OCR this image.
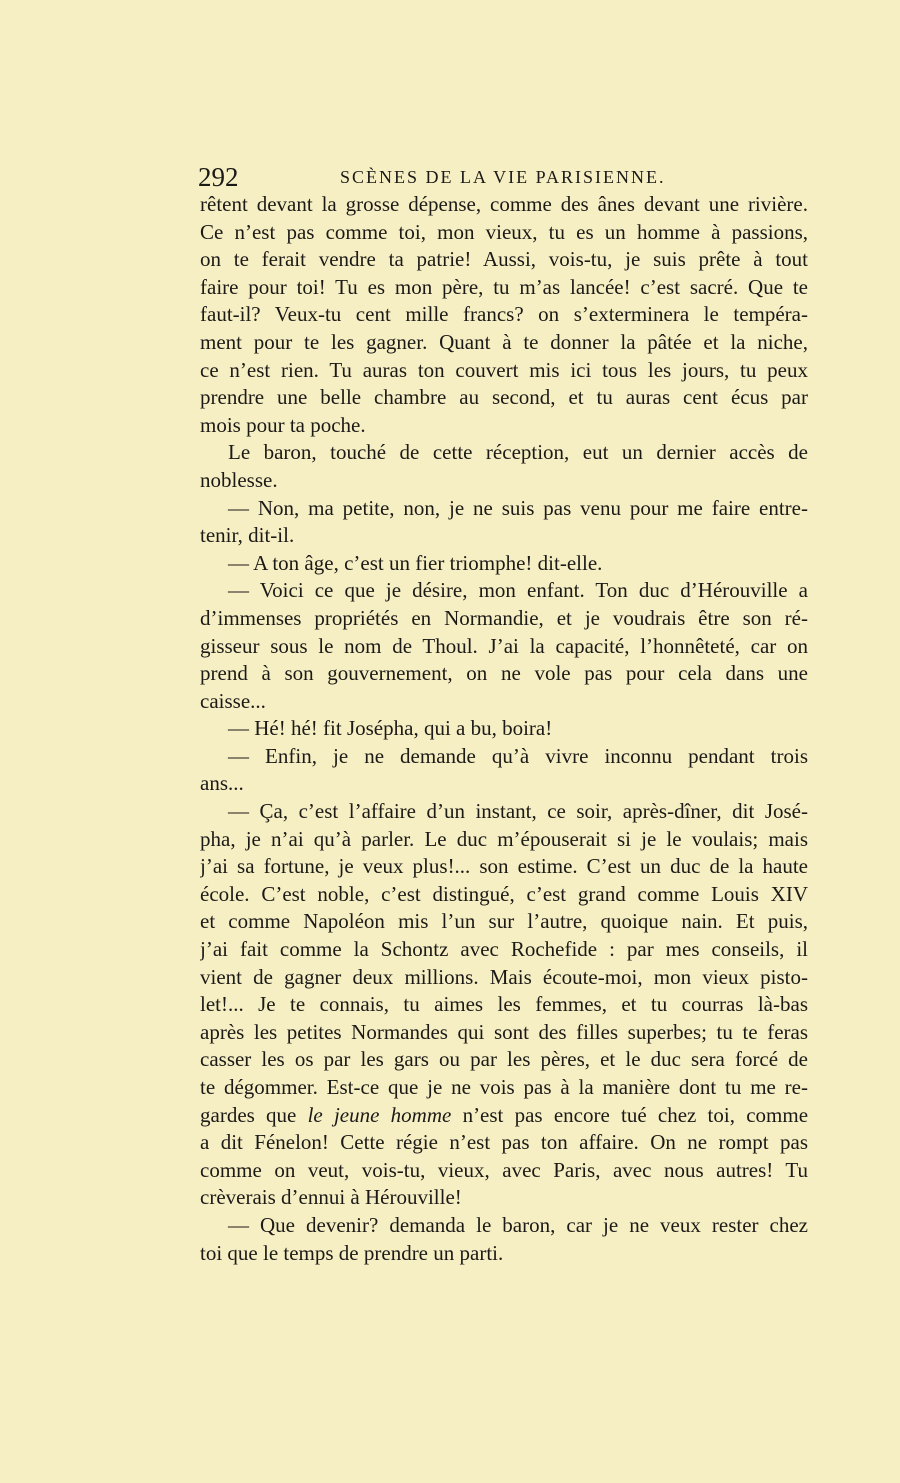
292	SCÈNES DE LA VIE PARISIENNE.
rêtent devant la grosse dépense, comme des ânes devant une rivière.
Ce n’est pas comme toi, mon vieux, tu es un homme à passions,
on te ferait vendre ta patrie! Aussi, vois-tu, je suis prête à tout
faire pour toi! Tu es mon père, tu m’as lancée! c’est sacré. Que te
faut-il? Veux-tu cent mille francs? on s’exterminera le tempéra-
ment pour te les gagner. Quant à te donner la pâtée et la niche,
ce n’est rien. Tu auras ton couvert mis ici tous les jours, tu peux
prendre une belle chambre au second, et tu auras cent écus par
mois pour ta poche.
Le baron, touché de cette réception, eut un dernier accès de
noblesse.
— Non, ma petite, non, je ne suis pas venu pour me faire entre-
tenir, dit-il.
— A ton âge, c’est un fier triomphe! dit-elle.
— Voici ce que je désire, mon enfant. Ton duc d’Hérouville a
d’immenses propriétés en Normandie, et je voudrais être son ré-
gisseur sous le nom de Thoul. J’ai la capacité, l’honnêteté, car on
prend à son gouvernement, on ne vole pas pour cela dans une
caisse...
— Hé! hé! fit Josépha, qui a bu, boira!
— Enfin, je ne demande qu’à vivre inconnu pendant trois
ans...
— Ça, c’est l’affaire d’un instant, ce soir, après-dîner, dit José-
pha, je n’ai qu’à parler. Le duc m’épouserait si je le voulais; mais
j’ai sa fortune, je veux plus!... son estime. C’est un duc de la haute
école. C’est noble, c’est distingué, c’est grand comme Louis XIV
et comme Napoléon mis l’un sur l’autre, quoique nain. Et puis,
j’ai fait comme la Schontz avec Rochefide : par mes conseils, il
vient de gagner deux millions. Mais écoute-moi, mon vieux pisto-
let!... Je te connais, tu aimes les femmes, et tu courras là-bas
après les petites Normandes qui sont des filles superbes; tu te feras
casser les os par les gars ou par les pères, et le duc sera forcé de
te dégommer. Est-ce que je ne vois pas à la manière dont tu me re-
gardes que le jeune homme n’est pas encore tué chez toi, comme
a dit Fénelon! Cette régie n’est pas ton affaire. On ne rompt pas
comme on veut, vois-tu, vieux, avec Paris, avec nous autres! Tu
crèverais d’ennui à Hérouville!
— Que devenir? demanda le baron, car je ne veux rester chez
toi que le temps de prendre un parti.
